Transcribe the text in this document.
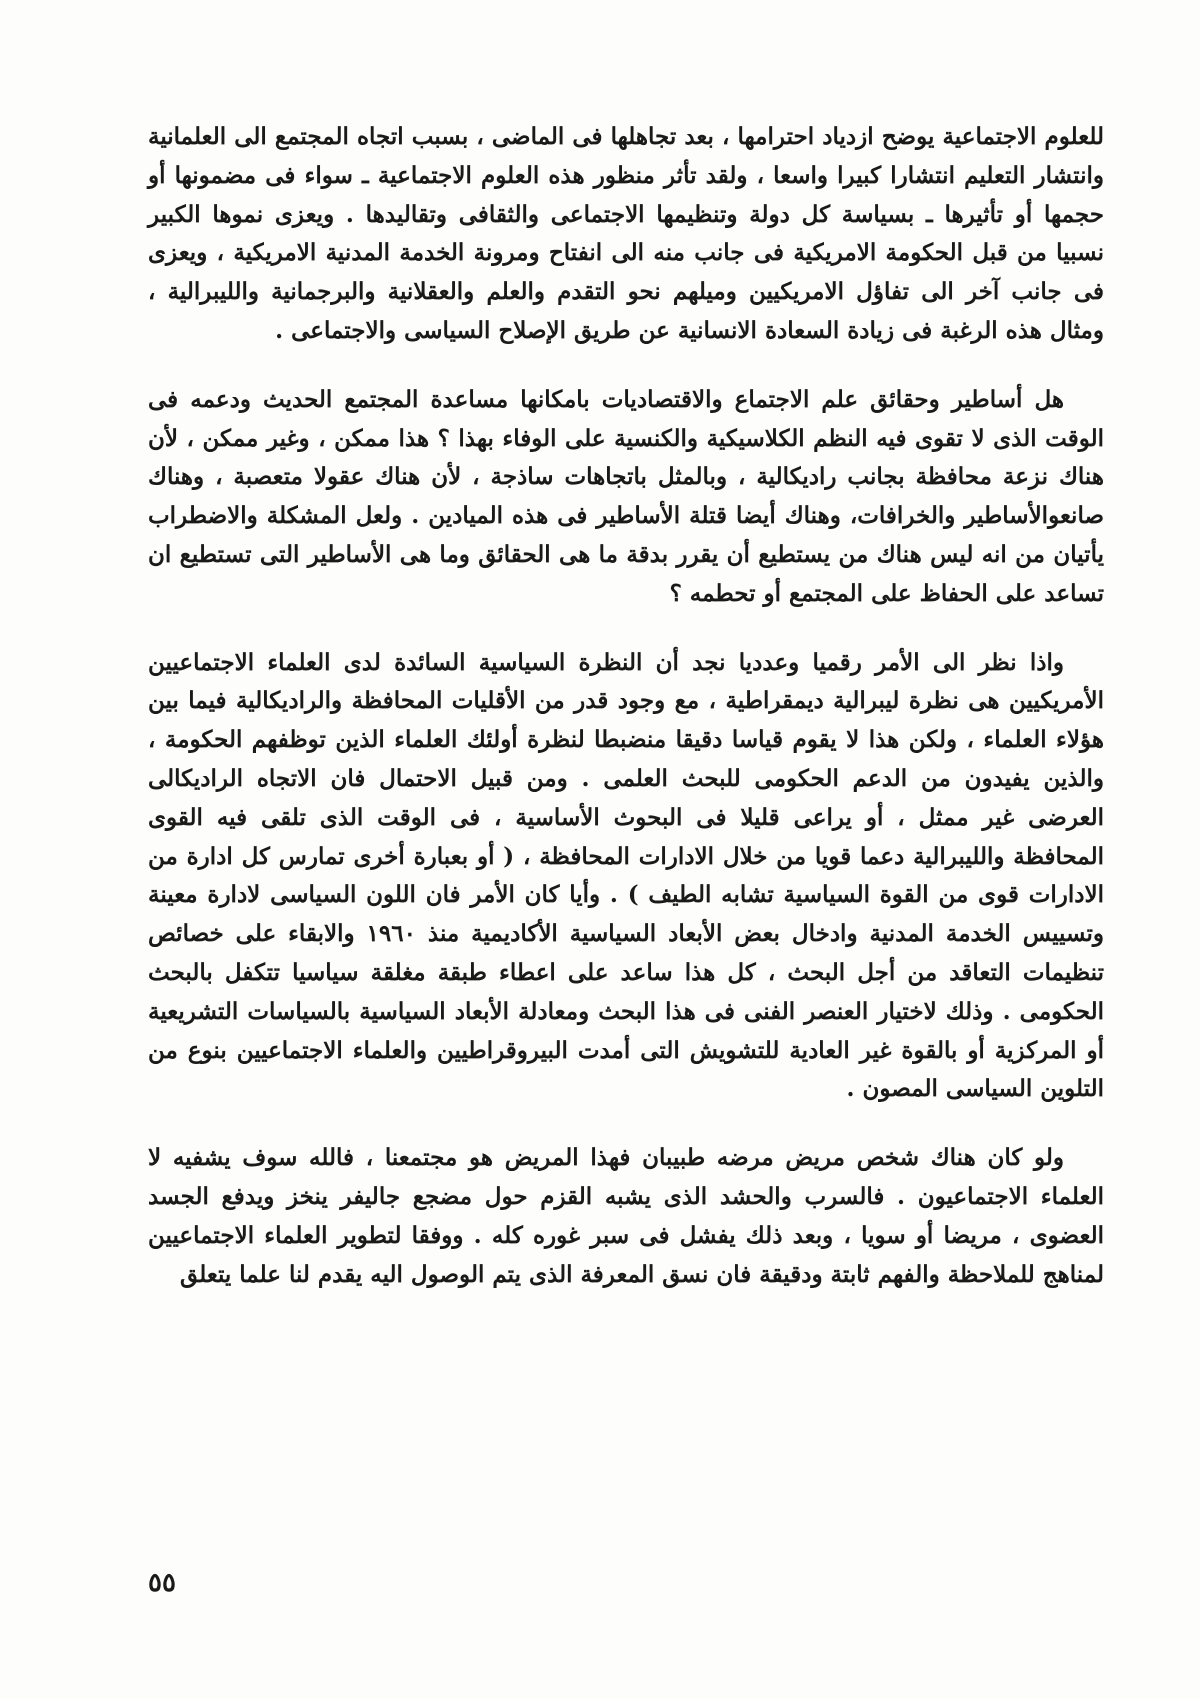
للعلوم الاجتماعية يوضح ازدياد احترامها ، بعد تجاهلها فى الماضى ، بسبب اتجاه المجتمع الى العلمانية وانتشار التعليم انتشارا كبيرا واسعا ، ولقد تأثر منظور هذه العلوم الاجتماعية ـ سواء فى مضمونها أو حجمها أو تأثيرها ـ بسياسة كل دولة وتنظيمها الاجتماعى والثقافى وتقاليدها . ويعزى نموها الكبير نسبيا من قبل الحكومة الامريكية فى جانب منه الى انفتاح ومرونة الخدمة المدنية الامريكية ، ويعزى فى جانب آخر الى تفاؤل الامريكيين وميلهم نحو التقدم والعلم والعقلانية والبرجمانية والليبرالية ، ومثال هذه الرغبة فى زيادة السعادة الانسانية عن طريق الإصلاح السياسى والاجتماعى .

هل أساطير وحقائق علم الاجتماع والاقتصاديات بامكانها مساعدة المجتمع الحديث ودعمه فى الوقت الذى لا تقوى فيه النظم الكلاسيكية والكنسية على الوفاء بهذا ؟ هذا ممكن ، وغير ممكن ، لأن هناك نزعة محافظة بجانب راديكالية ، وبالمثل باتجاهات ساذجة ، لأن هناك عقولا متعصبة ، وهناك صانعوالأساطير والخرافات، وهناك أيضا قتلة الأساطير فى هذه الميادين . ولعل المشكلة والاضطراب يأتيان من انه ليس هناك من يستطيع أن يقرر بدقة ما هى الحقائق وما هى الأساطير التى تستطيع ان تساعد على الحفاظ على المجتمع أو تحطمه ؟

واذا نظر الى الأمر رقميا وعدديا نجد أن النظرة السياسية السائدة لدى العلماء الاجتماعيين الأمريكيين هى نظرة ليبرالية ديمقراطية ، مع وجود قدر من الأقليات المحافظة والراديكالية فيما بين هؤلاء العلماء ، ولكن هذا لا يقوم قياسا دقيقا منضبطا لنظرة أولئك العلماء الذين توظفهم الحكومة ، والذين يفيدون من الدعم الحكومى للبحث العلمى . ومن قبيل الاحتمال فان الاتجاه الراديكالى العرضى غير ممثل ، أو يراعى قليلا فى البحوث الأساسية ، فى الوقت الذى تلقى فيه القوى المحافظة والليبرالية دعما قويا من خلال الادارات المحافظة ، ( أو بعبارة أخرى تمارس كل ادارة من الادارات قوى من القوة السياسية تشابه الطيف ) . وأيا كان الأمر فان اللون السياسى لادارة معينة وتسييس الخدمة المدنية وادخال بعض الأبعاد السياسية الأكاديمية منذ ١٩٦٠ والابقاء على خصائص تنظيمات التعاقد من أجل البحث ، كل هذا ساعد على اعطاء طبقة مغلقة سياسيا تتكفل بالبحث الحكومى . وذلك لاختيار العنصر الفنى فى هذا البحث ومعادلة الأبعاد السياسية بالسياسات التشريعية أو المركزية أو بالقوة غير العادية للتشويش التى أمدت البيروقراطيين والعلماء الاجتماعيين بنوع من التلوين السياسى المصون .

ولو كان هناك شخص مريض مرضه طبيبان فهذا المريض هو مجتمعنا ، فالله سوف يشفيه لا العلماء الاجتماعيون . فالسرب والحشد الذى يشبه القزم حول مضجع جاليفر ينخز ويدفع الجسد العضوى ، مريضا أو سويا ، وبعد ذلك يفشل فى سبر غوره كله . ووفقا لتطوير العلماء الاجتماعيين لمناهج للملاحظة والفهم ثابتة ودقيقة فان نسق المعرفة الذى يتم الوصول اليه يقدم لنا علما يتعلق

٥٥
